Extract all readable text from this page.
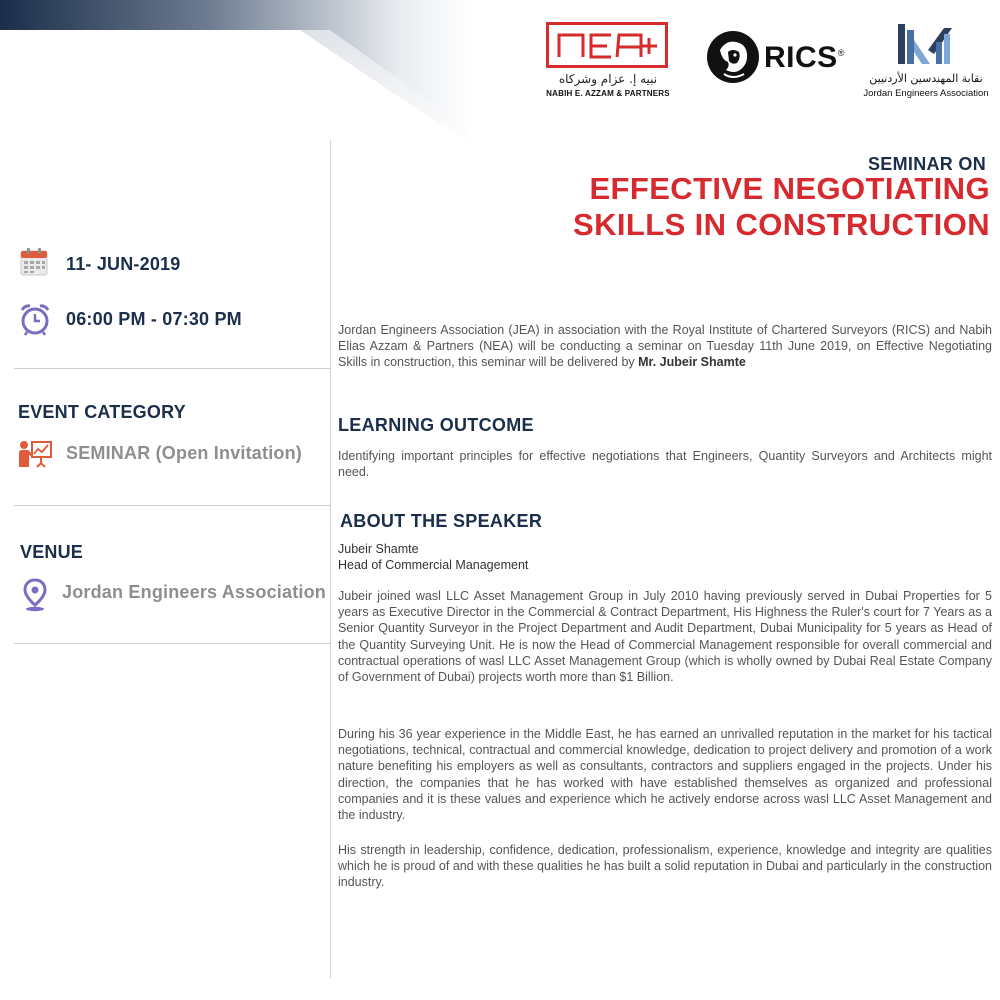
نبيه إ. عزام وشركاه
NABIH E. AZZAM & PARTNERS
RICS®
نقابة المهندسين الأردنيين
Jordan Engineers Association
SEMINAR ON
EFFECTIVE NEGOTIATING
SKILLS IN CONSTRUCTION
11- JUN-2019
06:00 PM - 07:30 PM
EVENT CATEGORY
SEMINAR (Open Invitation)
VENUE
Jordan Engineers Association
Jordan Engineers Association (JEA) in association with the Royal Institute of Chartered Surveyors (RICS) and Nabih Elias Azzam & Partners (NEA) will be conducting a seminar on Tuesday 11th June 2019, on Effective Negotiating Skills in construction, this seminar will be delivered by Mr. Jubeir Shamte
LEARNING OUTCOME
Identifying important principles for effective negotiations that Engineers, Quantity Surveyors and Architects might need.
ABOUT THE SPEAKER
Jubeir Shamte
Head of Commercial Management
Jubeir joined wasl LLC Asset Management Group in July 2010 having previously served in Dubai Properties for 5 years as Executive Director in the Commercial & Contract Department, His Highness the Ruler's court for 7 Years as a Senior Quantity Surveyor in the Project Department and Audit Department, Dubai Municipality for 5 years as Head of the Quantity Surveying Unit. He is now the Head of Commercial Management responsible for overall commercial and contractual operations of wasl LLC Asset Management Group (which is wholly owned by Dubai Real Estate Company of Government of Dubai) projects worth more than $1 Billion.
During his 36 year experience in the Middle East, he has earned an unrivalled reputation in the market for his tactical negotiations, technical, contractual and commercial knowledge, dedication to project delivery and promotion of a work nature benefiting his employers as well as consultants, contractors and suppliers engaged in the projects. Under his direction, the companies that he has worked with have established themselves as organized and professional companies and it is these values and experience which he actively endorse across wasl LLC Asset Management and the industry.
His strength in leadership, confidence, dedication, professionalism, experience, knowledge and integrity are qualities which he is proud of and with these qualities he has built a solid reputation in Dubai and particularly in the construction industry.
